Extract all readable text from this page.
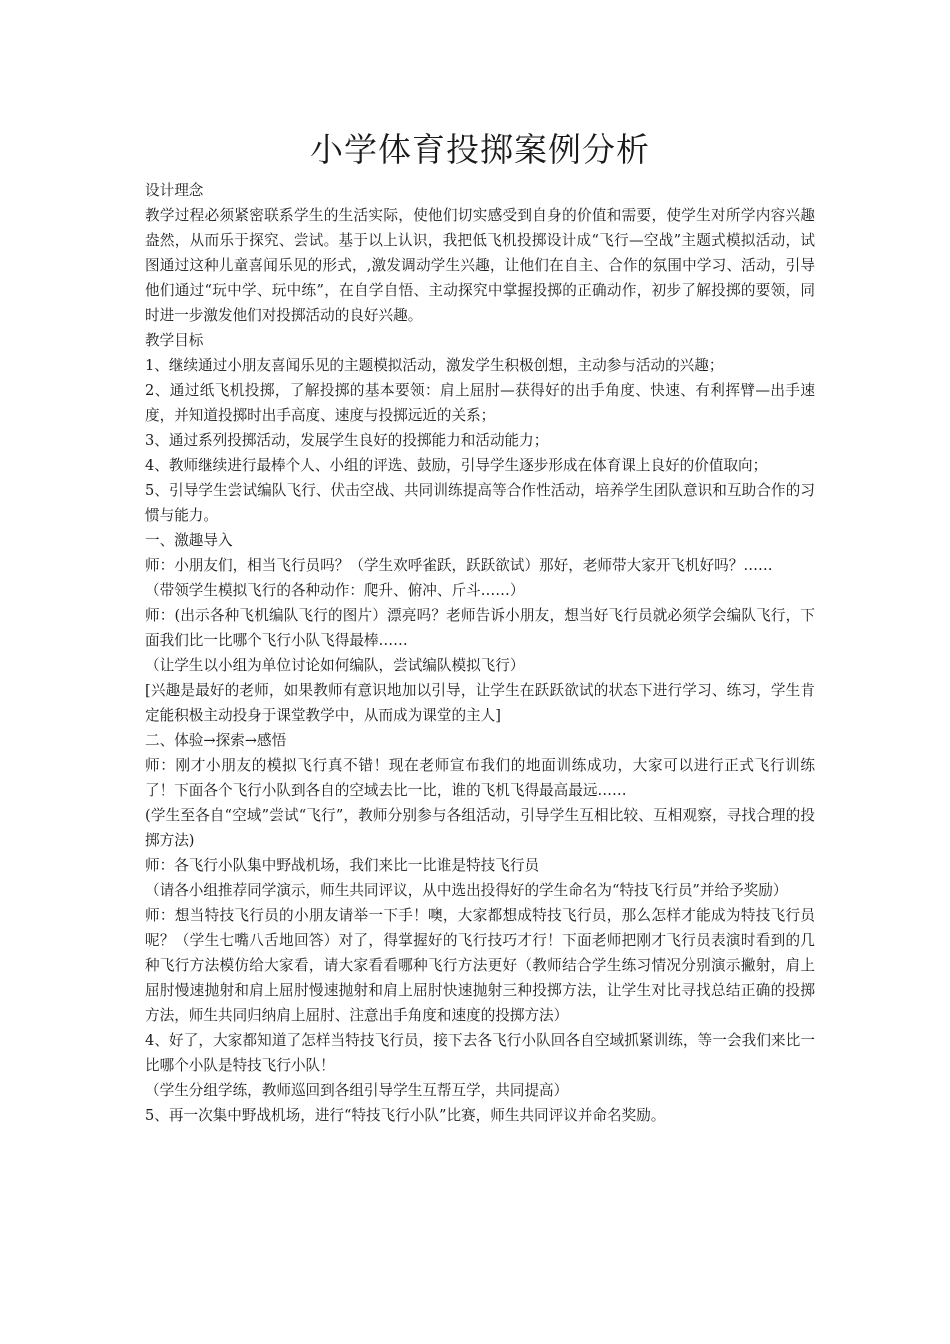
小学体育投掷案例分析

设计理念

教学过程必须紧密联系学生的生活实际，使他们切实感受到自身的价值和需要，使学生对所学内容兴趣盎然，从而乐于探究、尝试。基于以上认识，我把低飞机投掷设计成“飞行—空战”主题式模拟活动，试图通过这种儿童喜闻乐见的形式，,激发调动学生兴趣，让他们在自主、合作的氛围中学习、活动，引导他们通过“玩中学、玩中练”，在自学自悟、主动探究中掌握投掷的正确动作，初步了解投掷的要领，同时进一步激发他们对投掷活动的良好兴趣。

教学目标

1、继续通过小朋友喜闻乐见的主题模拟活动，激发学生积极创想，主动参与活动的兴趣；

2、通过纸飞机投掷，了解投掷的基本要领：肩上屈肘—获得好的出手角度、快速、有利挥臂—出手速度，并知道投掷时出手高度、速度与投掷远近的关系；

3、通过系列投掷活动，发展学生良好的投掷能力和活动能力；

4、教师继续进行最棒个人、小组的评选、鼓励，引导学生逐步形成在体育课上良好的价值取向；

5、引导学生尝试编队飞行、伏击空战、共同训练提高等合作性活动，培养学生团队意识和互助合作的习惯与能力。

一、激趣导入

师：小朋友们，相当飞行员吗？（学生欢呼雀跃，跃跃欲试）那好，老师带大家开飞机好吗？……

（带领学生模拟飞行的各种动作：爬升、俯冲、斤斗……）

师：(出示各种飞机编队飞行的图片）漂亮吗？老师告诉小朋友，想当好飞行员就必须学会编队飞行，下面我们比一比哪个飞行小队飞得最棒……

（让学生以小组为单位讨论如何编队，尝试编队模拟飞行）

[兴趣是最好的老师，如果教师有意识地加以引导，让学生在跃跃欲试的状态下进行学习、练习，学生肯定能积极主动投身于课堂教学中，从而成为课堂的主人]

二、体验→探索→感悟

师：刚才小朋友的模拟飞行真不错！现在老师宣布我们的地面训练成功，大家可以进行正式飞行训练了！下面各个飞行小队到各自的空域去比一比，谁的飞机飞得最高最远……

(学生至各自“空域”尝试“飞行”，教师分别参与各组活动，引导学生互相比较、互相观察，寻找合理的投掷方法)

师：各飞行小队集中野战机场，我们来比一比谁是特技飞行员

（请各小组推荐同学演示，师生共同评议，从中选出投得好的学生命名为“特技飞行员”并给予奖励）

师：想当特技飞行员的小朋友请举一下手！噢，大家都想成特技飞行员，那么怎样才能成为特技飞行员呢？（学生七嘴八舌地回答）对了，得掌握好的飞行技巧才行！下面老师把刚才飞行员表演时看到的几种飞行方法模仿给大家看，请大家看看哪种飞行方法更好（教师结合学生练习情况分别演示撇射，肩上屈肘慢速抛射和肩上屈肘慢速抛射和肩上屈肘快速抛射三种投掷方法，让学生对比寻找总结正确的投掷方法，师生共同归纳肩上屈肘、注意出手角度和速度的投掷方法）

4、好了，大家都知道了怎样当特技飞行员，接下去各飞行小队回各自空域抓紧训练，等一会我们来比一比哪个小队是特技飞行小队！

（学生分组学练，教师巡回到各组引导学生互帮互学，共同提高）

5、再一次集中野战机场，进行“特技飞行小队”比赛，师生共同评议并命名奖励。
